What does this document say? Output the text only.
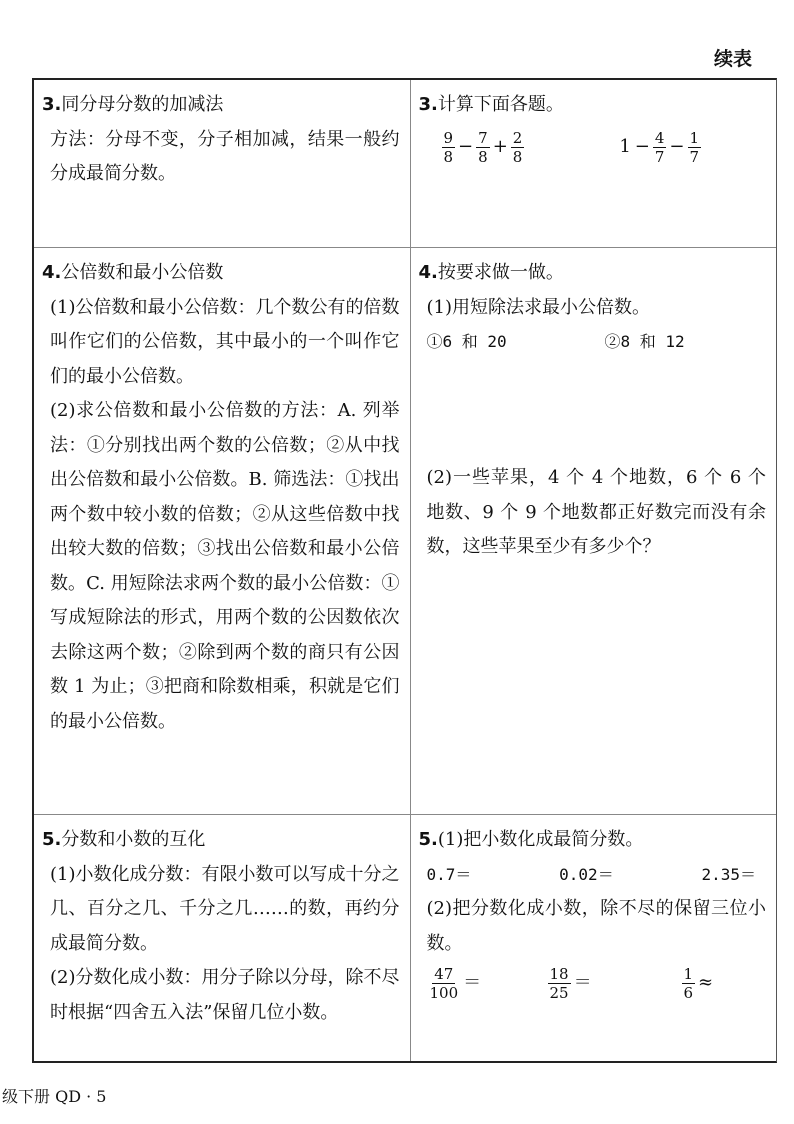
续表
3.同分母分数的加减法
方法：分母不变，分子相加减，结果一般约分成最简分数。
3.计算下面各题。
$\frac{9}{8} - \frac{7}{8} + \frac{2}{8}$	$1 - \frac{4}{7} - \frac{1}{7}$
4.公倍数和最小公倍数
(1)公倍数和最小公倍数：几个数公有的倍数叫作它们的公倍数，其中最小的一个叫作它们的最小公倍数。
(2)求公倍数和最小公倍数的方法：A. 列举法：①分别找出两个数的公倍数；②从中找出公倍数和最小公倍数。B. 筛选法：①找出两个数中较小数的倍数；②从这些倍数中找出较大数的倍数；③找出公倍数和最小公倍数。C. 用短除法求两个数的最小公倍数：①写成短除法的形式，用两个数的公因数依次去除这两个数；②除到两个数的商只有公因数 1 为止；③把商和除数相乘，积就是它们的最小公倍数。
4.按要求做一做。
(1)用短除法求最小公倍数。
①6 和 20	②8 和 12
(2)一些苹果，4 个 4 个地数，6 个 6 个地数、9 个 9 个地数都正好数完而没有余数，这些苹果至少有多少个？
5.分数和小数的互化
(1)小数化成分数：有限小数可以写成十分之几、百分之几、千分之几……的数，再约分成最简分数。
(2)分数化成小数：用分子除以分母，除不尽时根据“四舍五入法”保留几位小数。
5.(1)把小数化成最简分数。
0.7＝	0.02＝	2.35＝
(2)把分数化成小数，除不尽的保留三位小数。
$\frac{47}{100}$ ＝	$\frac{18}{25}$ ＝	$\frac{1}{6}$ ≈
级下册 QD · 5
